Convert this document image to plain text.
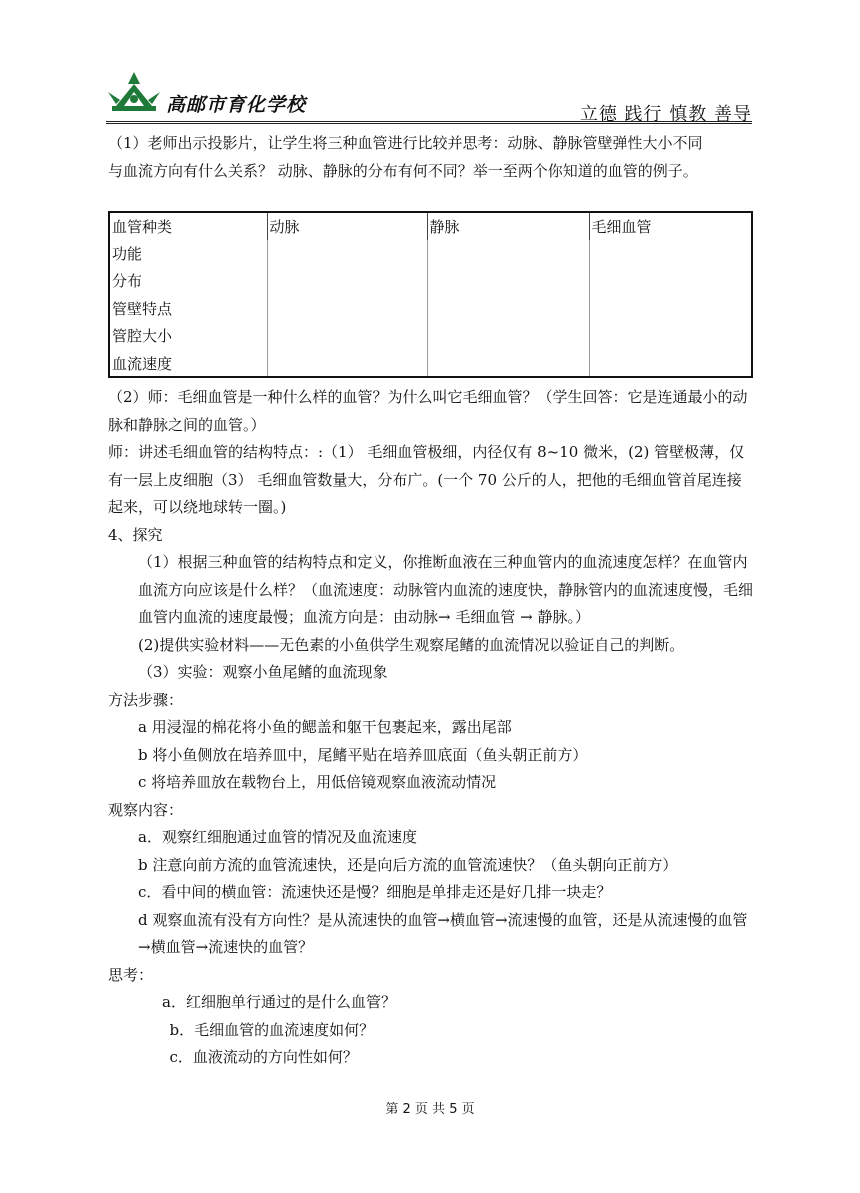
高邮市育化学校	立德 践行 慎教 善导

（1）老师出示投影片，让学生将三种血管进行比较并思考：动脉、静脉管壁弹性大小不同

与血流方向有什么关系？ 动脉、静脉的分布有何不同？举一至两个你知道的血管的例子。

血管种类	动脉	静脉	毛细血管
功能			
分布			
管壁特点			
管腔大小			
血流速度			

（2）师：毛细血管是一种什么样的血管？为什么叫它毛细血管？（学生回答：它是连通最小的动脉和静脉之间的血管。）

师：讲述毛细血管的结构特点：:（1） 毛细血管极细，内径仅有 8~10 微米，(2) 管壁极薄，仅有一层上皮细胞（3） 毛细血管数量大，分布广。(一个 70 公斤的人，把他的毛细血管首尾连接起来，可以绕地球转一圈。)

4、探究

（1）根据三种血管的结构特点和定义，你推断血液在三种血管内的血流速度怎样？在血管内血流方向应该是什么样？（血流速度：动脉管内血流的速度快，静脉管内的血流速度慢，毛细血管内血流的速度最慢；血流方向是：由动脉→ 毛细血管 → 静脉。）

(2)提供实验材料——无色素的小鱼供学生观察尾鳍的血流情况以验证自己的判断。

（3）实验：观察小鱼尾鳍的血流现象

方法步骤：

a 用浸湿的棉花将小鱼的鳃盖和躯干包裹起来，露出尾部

b 将小鱼侧放在培养皿中，尾鳍平贴在培养皿底面（鱼头朝正前方）

c 将培养皿放在载物台上，用低倍镜观察血液流动情况

观察内容：

a．观察红细胞通过血管的情况及血流速度

b 注意向前方流的血管流速快，还是向后方流的血管流速快？（鱼头朝向正前方）

c．看中间的横血管：流速快还是慢？细胞是单排走还是好几排一块走？

d 观察血流有没有方向性？是从流速快的血管→横血管→流速慢的血管，还是从流速慢的血管→横血管→流速快的血管？

思考：

a．红细胞单行通过的是什么血管？

b．毛细血管的血流速度如何？

c．血液流动的方向性如何？

第 2 页 共 5 页
